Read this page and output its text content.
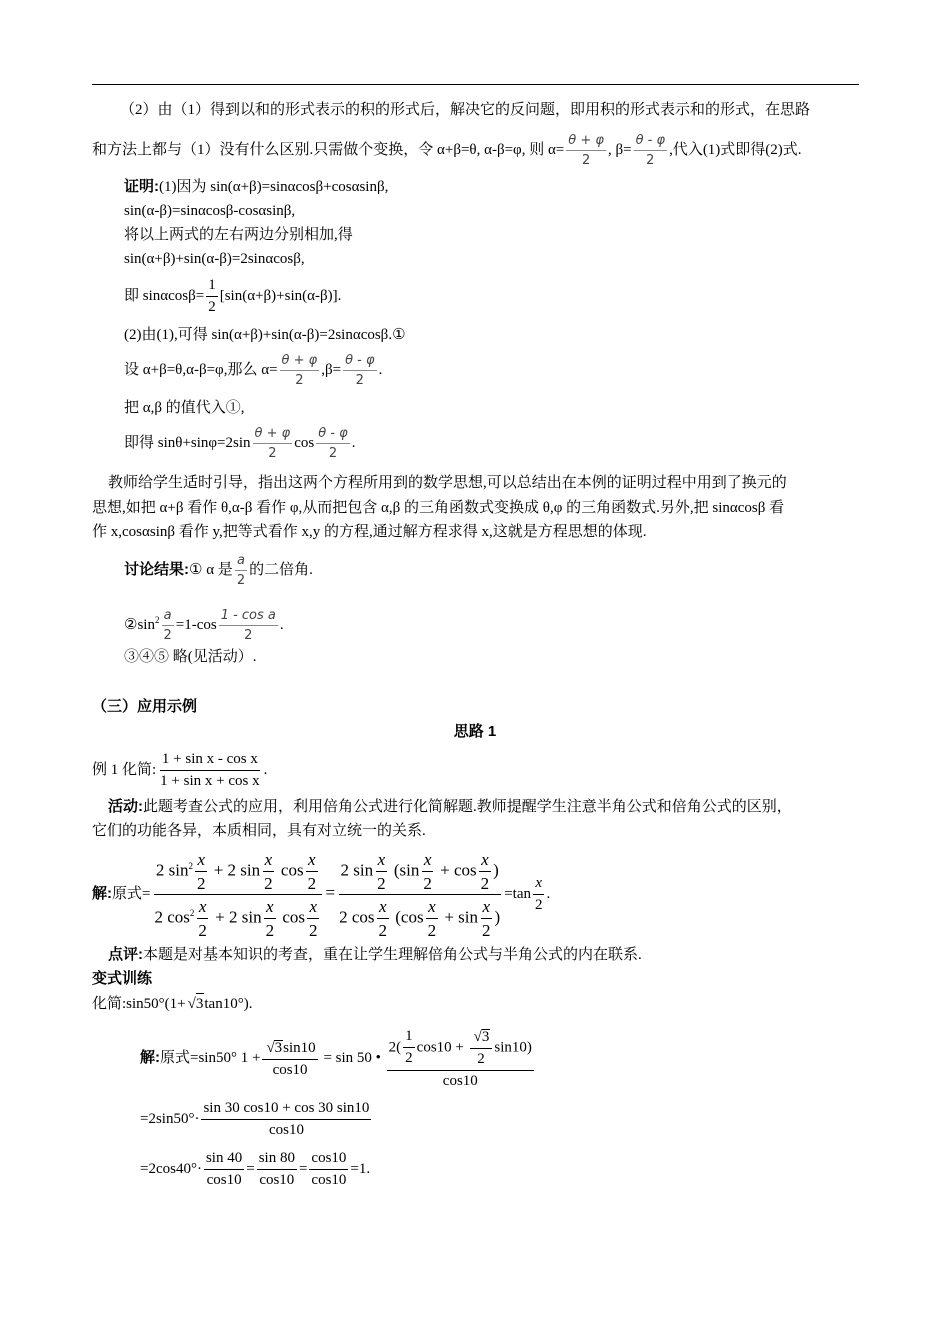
（2）由（1）得到以和的形式表示的积的形式后，解决它的反问题，即用积的形式表示和的形式，在思路
和方法上都与（1）没有什么区别.只需做个变换，令 α+β=θ, α-β=φ, 则 $\alpha= \frac{\theta + \varphi}{2}$ , $\beta= \frac{\theta - \varphi}{2}$ ,代入(1)式即得(2)式.
证明:(1)因为 sin(α+β)=sinαcosβ+cosαsinβ,
sin(α-β)=sinαcosβ-cosαsinβ,
将以上两式的左右两边分别相加,得
sin(α+β)+sin(α-β)=2sinαcosβ,
即 $\sin\alpha\cos\beta= \frac{1}{2} [\sin(\alpha+\beta)+\sin(\alpha-\beta)]$.
(2)由(1),可得 sin(α+β)+sin(α-β)=2sinαcosβ.①
设 α+β=θ,α-β=φ,那么 $\alpha= \frac{\theta + \varphi}{2} ,\beta= \frac{\theta - \varphi}{2}$ .
把 α,β 的值代入①,
即得 $\sin\theta+\sin\varphi=2\sin \frac{\theta + \varphi}{2}$ $\cos \frac{\theta - \varphi}{2}$ .
教师给学生适时引导，指出这两个方程所用到的数学思想,可以总结出在本例的证明过程中用到了换元的
思想,如把 α+β 看作 θ,α-β 看作 φ,从而把包含 α,β 的三角函数式变换成 θ,φ 的三角函数式.另外,把 sinαcosβ 看
作 x,cosαsinβ 看作 y,把等式看作 x,y 的方程,通过解方程求得 x,这就是方程思想的体现.
讨论结果:① α 是 $\frac{a}{2}$ 的二倍角.
$②\sin^2 \frac{a}{2} =1-\cos \frac{\text{1 - cos a}}{2}$ .
③④⑤ 略(见活动）.
（三）应用示例
思路 1
例 1 化简: $\frac{\text{1 + sin x - cos x}}{\text{1 + sin x + cos x}}$ .
活动:此题考查公式的应用，利用倍角公式进行化简解题.教师提醒学生注意半角公式和倍角公式的区别，
它们的功能各异，本质相同，具有对立统一的关系.
解:原式= $\frac{2 \sin^2 \frac{x}{2} + 2 \sin \frac{x}{2} \cos \frac{x}{2}}{2 \cos^2 \frac{x}{2} + 2 \sin \frac{x}{2} \cos \frac{x}{2}} = \frac{2 \sin \frac{x}{2} (\sin \frac{x}{2} + \cos \frac{x}{2} )}{2 \cos \frac{x}{2} (\cos \frac{x}{2} + \sin \frac{x}{2} )} =\tan \frac{x}{2}$ .
点评:本题是对基本知识的考查，重在让学生理解倍角公式与半角公式的内在联系.
变式训练
化简:sin50°(1+√ 3tan10°).
解:原式=sin50° 1 +
√ $\frac{3\sin 10}{\cos 10} = \sin 50$ • $2( \frac{1}{2} \cos 10$ +
√ $\frac{3}{2} \sin 10$)
cos10
$=2\sin 50^\circ\cdot \frac{\sin 30 \cos 10 + \cos 30 \sin 10}{\cos 10}$
$=2\cos 40^\circ\cdot \frac{\sin 40}{\cos 10} = \frac{\sin 80}{\cos 10} = \frac{\cos 10}{\cos 10} =1$.
